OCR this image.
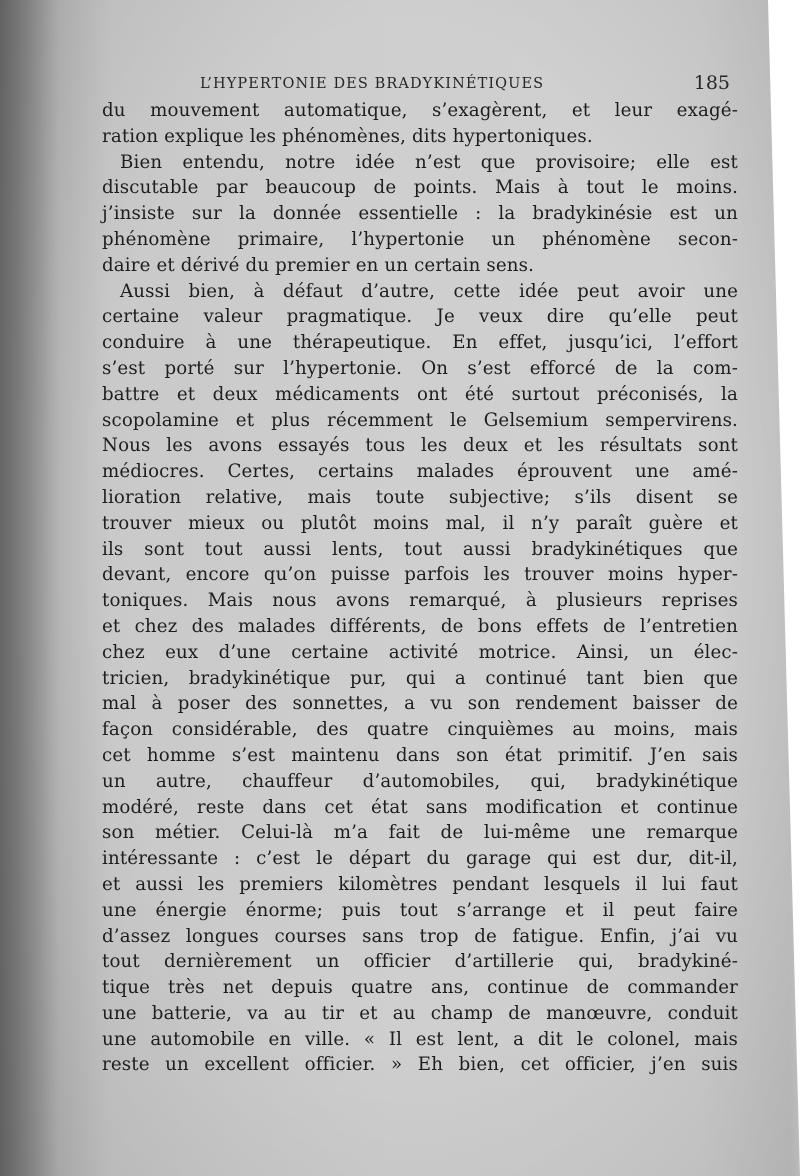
L’HYPERTONIE DES BRADYKINÉTIQUES	185
du mouvement automatique, s’exagèrent, et leur exagé-
ration explique les phénomènes, dits hypertoniques.
Bien entendu, notre idée n’est que provisoire; elle est
discutable par beaucoup de points. Mais à tout le moins.
j’insiste sur la donnée essentielle : la bradykinésie est un
phénomène primaire, l’hypertonie un phénomène secon-
daire et dérivé du premier en un certain sens.
Aussi bien, à défaut d’autre, cette idée peut avoir une
certaine valeur pragmatique. Je veux dire qu’elle peut
conduire à une thérapeutique. En effet, jusqu’ici, l’effort
s’est porté sur l’hypertonie. On s’est efforcé de la com-
battre et deux médicaments ont été surtout préconisés, la
scopolamine et plus récemment le Gelsemium sempervirens.
Nous les avons essayés tous les deux et les résultats sont
médiocres. Certes, certains malades éprouvent une amé-
lioration relative, mais toute subjective; s’ils disent se
trouver mieux ou plutôt moins mal, il n’y paraît guère et
ils sont tout aussi lents, tout aussi bradykinétiques que
devant, encore qu’on puisse parfois les trouver moins hyper-
toniques. Mais nous avons remarqué, à plusieurs reprises
et chez des malades différents, de bons effets de l’entretien
chez eux d’une certaine activité motrice. Ainsi, un élec-
tricien, bradykinétique pur, qui a continué tant bien que
mal à poser des sonnettes, a vu son rendement baisser de
façon considérable, des quatre cinquièmes au moins, mais
cet homme s’est maintenu dans son état primitif. J’en sais
un autre, chauffeur d’automobiles, qui, bradykinétique
modéré, reste dans cet état sans modification et continue
son métier. Celui-là m’a fait de lui-même une remarque
intéressante : c’est le départ du garage qui est dur, dit-il,
et aussi les premiers kilomètres pendant lesquels il lui faut
une énergie énorme; puis tout s’arrange et il peut faire
d’assez longues courses sans trop de fatigue. Enfin, j’ai vu
tout dernièrement un officier d’artillerie qui, bradykiné-
tique très net depuis quatre ans, continue de commander
une batterie, va au tir et au champ de manœuvre, conduit
une automobile en ville. « Il est lent, a dit le colonel, mais
reste un excellent officier. » Eh bien, cet officier, j’en suis
